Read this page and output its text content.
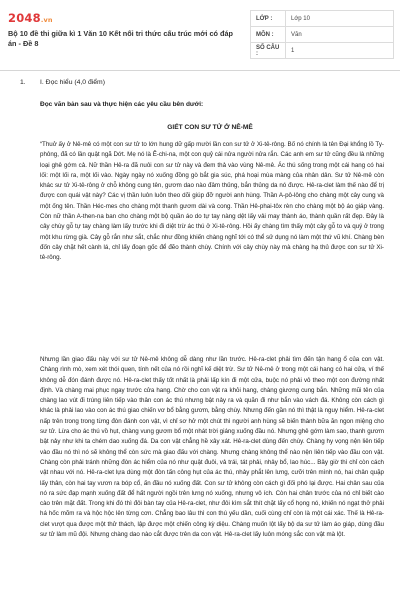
2048.vn
Bộ 10 đề thi giữa kì 1 Văn 10 Kết nối tri thức cấu trúc mới có đáp án - Đề 8
LỚP :	Lớp 10
MÔN :	Văn
SỐ CÂU :	1
1. I. Đọc hiểu (4,0 điểm)
Đọc văn bản sau và thực hiện các yêu cầu bên dưới:
GIẾT CON SƯ TỬ Ở NÊ-MÊ
“Thuở ấy ở Nê-mê có một con sư tử to lớn hung dữ gấp mười lần con sư tử ở Xi-tê-rông. Bố nó chính là tên Đại khổng lồ Ty-phông, đã có lần quật ngã Dớt. Mẹ nó là Ê-chi-na, một con quỷ cái nửa người nửa rắn. Các anh em sư tử cũng đều là những loại ghê gớm cả. Nữ thần Hê-ra đã nuôi con sư tử này và đem thả vào vùng Nê-mê. Ác thú sống trong một cái hang có hai lối: một lối ra, một lối vào. Ngày ngày nó xuống đồng gò bắt gia súc, phá hoại mùa màng của nhân dân. Sư tử Nê-mê còn khác sư tử Xi-tê-rông ở chỗ không cung tên, gươm dao nào đâm thủng, bắn thủng da nó được. Hê-ra-clet làm thế nào để trị được con quái vật này? Các vị thần luôn luôn theo dõi giúp đỡ người anh hùng. Thần A-pô-lông cho chàng một cây cung và một ống tên. Thần Héc-mes cho chàng một thanh gươm dài và cong. Thần Hê-phai-tôx rèn cho chàng một bộ áo giáp vàng. Còn nữ thần A-then-na ban cho chàng một bộ quần áo do tự tay nàng dệt lấy vải may thành áo, thành quần rất đẹp. Đây là cây chùy gỗ tự tay chàng làm lấy trước khi đi diệt trừ ác thú ở Xi-tê-rông. Hồi ấy chàng tìm thấy một cây gỗ to và quý ở trong một khu rừng già. Cây gỗ rắn như sắt, chắc như đồng khiến chàng nghĩ tới có thể sử dụng nó làm một thứ vũ khí. Chàng bèn đốn cây chặt hết cành lá, chỉ lấy đoạn gốc để đẽo thành chùy. Chính với cây chùy này mà chàng hạ thủ được con sư tử Xi-tê-rông.
Nhưng lần giao đấu này với sư tử Nê-mê không dễ dàng như lần trước. Hê-ra-clet phải tìm đến tận hang ổ của con vật. Chàng rình mò, xem xét thói quen, tính nết của nó rồi nghĩ kế diệt trừ. Sư tử Nê-mê ở trong một cái hang có hai cửa, ví thế không dễ đón đánh được nó. Hê-ra-clet thấy tốt nhất là phải lấp kín đi một cửa, buộc nó phải vô theo một con đường nhất định. Và chàng mai phục ngay trước cửa hang. Chờ cho con vật ra khỏi hang, chàng giương cung bắn. Những mũi tên của chàng lao vút đi trúng liên tiếp vào thân con ác thú nhưng bật nảy ra và quăn đi như bắn vào vách đá. Không còn cách gì khác là phải lao vào con ác thú giao chiến vơ bổ bằng gươm, bằng chùy. Nhưng đến gần nó thì thật là nguy hiểm. Hê-ra-clet nấp trên trong trong từng đòn đánh con vật, vì chỉ sơ hở một chút thì người anh hùng sẽ biến thành bữa ăn ngon miệng cho sư tử. Lừa cho ác thú vồ hụt, chàng vung gươm bổ một nhát trời giáng xuống đầu nó. Nhưng ghê gớm làm sao, thanh gươm bật nảy như khi ta chém dao xuống đá. Da con vật chẳng hề xây xát. Hê-ra-clet dùng đến chùy. Chàng hy vọng nện liên tiếp vào đầu nó thì nó sẽ không thể còn sức mà giao đấu với chàng. Nhưng chàng không thể nào nện liên tiếp vào đầu con vật. Chàng còn phải tránh những đòn ác hiểm của nó như quật đuôi, vả trái, tát phải, nhảy bổ, lao húc... Bây giờ thì chỉ còn cách vật nhau với nó. Hê-ra-clet lựa dùng một đòn tấn công hụt của ác thú, nhảy phắt lên lưng, cưỡi trên mình nó, hai chân quặp lấy thân, còn hai tay vươn ra bóp cổ, ấn đầu nó xuống đất. Con sư tử không còn cách gì đối phó lại được. Hai chân sau của nó ra sức đạp mạnh xuống đất để hất người ngồi trên lưng nó xuống, nhưng vô ích. Còn hai chân trước của nó chỉ biết cào cào trên mặt đất. Trong khi đó thì đôi bàn tay của Hê-ra-clet, như đôi kìm sắt thít chặt lấy cổ họng nó, khiến nó ngạt thở phải há hốc mõm ra và hộc hộc lên từng cơn. Chẳng bao lâu thì con thú yếu dần, cuối cùng chỉ còn là một cái xác. Thế là Hê-ra-clet vượt qua được một thử thách, lập được một chiến công kỳ diệu. Chàng muốn lột lấy bộ da sư tử làm áo giáp, dùng đầu sư tử làm mũ đội. Nhưng chàng dao nào cắt được trên da con vật. Hê-ra-clet lấy luôn móng sắc con vật mà lột.
